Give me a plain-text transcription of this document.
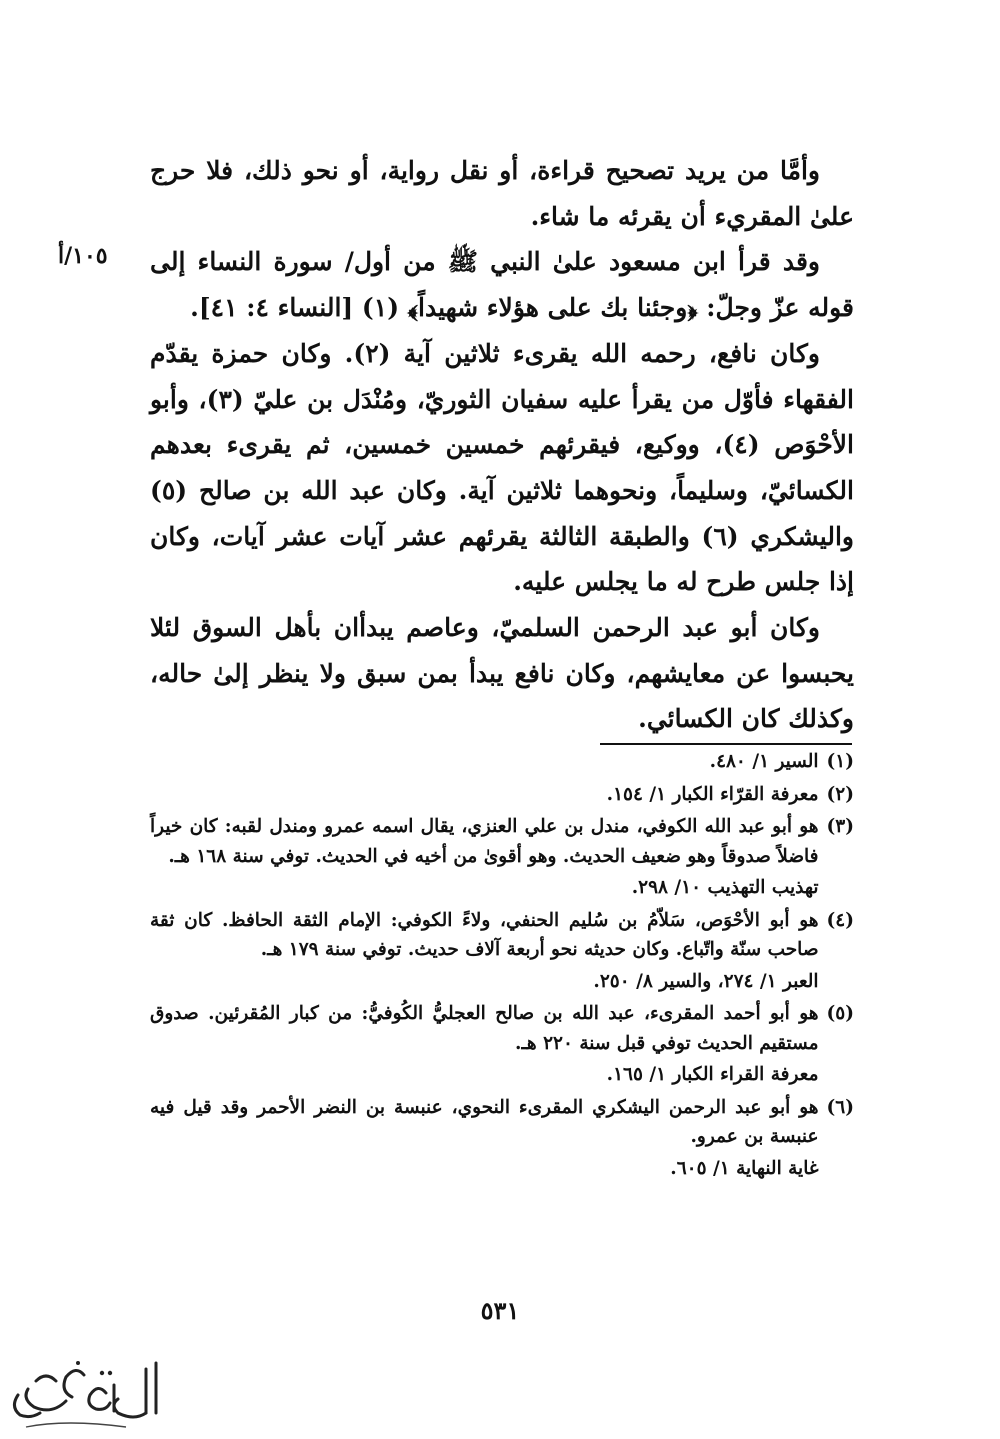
١٠٥/أ

وأمَّا من يريد تصحيح قراءة، أو نقل رواية، أو نحو ذلك، فلا حرج علىٰ المقريء أن يقرئه ما شاء.

وقد قرأ ابن مسعود علىٰ النبي ﷺ من أول/ سورة النساء إلى قوله عزّ وجلّ: ﴿وجئنا بك على هؤلاء شهيداً﴾ (١) [النساء ٤: ٤١].

وكان نافع، رحمه الله يقرىء ثلاثين آية (٢). وكان حمزة يقدّم الفقهاء فأوّل من يقرأ عليه سفيان الثوريّ، ومُنْدَل بن عليّ (٣)، وأبو الأحْوَص (٤)، ووكيع، فيقرئهم خمسين خمسين، ثم يقرىء بعدهم الكسائيّ، وسليماً، ونحوهما ثلاثين آية. وكان عبد الله بن صالح (٥) واليشكري (٦) والطبقة الثالثة يقرئهم عشر آيات عشر آيات، وكان إذا جلس طرح له ما يجلس عليه.

وكان أبو عبد الرحمن السلميّ، وعاصم يبدأان بأهل السوق لئلا يحبسوا عن معايشهم، وكان نافع يبدأ بمن سبق ولا ينظر إلىٰ حاله، وكذلك كان الكسائي.

(١)
السير ١/ ٤٨٠.
(٢)
معرفة القرّاء الكبار ١/ ١٥٤.
(٣)
هو أبو عبد الله الكوفي، مندل بن علي العنزي، يقال اسمه عمرو ومندل لقبه: كان خيراً فاضلاً صدوقاً وهو ضعيف الحديث. وهو أقوىٰ من أخيه في الحديث. توفي سنة ١٦٨ هـ.
تهذيب التهذيب ١٠/ ٢٩٨.
(٤)
هو أبو الأحْوَص، سَلاّمُ بن سُليم الحنفي، ولاءً الكوفي: الإمام الثقة الحافظ. كان ثقة صاحب سنّة واتّباع. وكان حديثه نحو أربعة آلاف حديث. توفي سنة ١٧٩ هـ.
العبر ١/ ٢٧٤، والسير ٨/ ٢٥٠.
(٥)
هو أبو أحمد المقرىء، عبد الله بن صالح العجليُّ الكُوفيُّ: من كبار المُقرئين. صدوق مستقيم الحديث توفي قبل سنة ٢٢٠ هـ.
معرفة القراء الكبار ١/ ١٦٥.
(٦)
هو أبو عبد الرحمن اليشكري المقرىء النحوي، عنبسة بن النضر الأحمر وقد قيل فيه عنبسة بن عمرو.
غاية النهاية ١/ ٦٠٥.
٥٣١
